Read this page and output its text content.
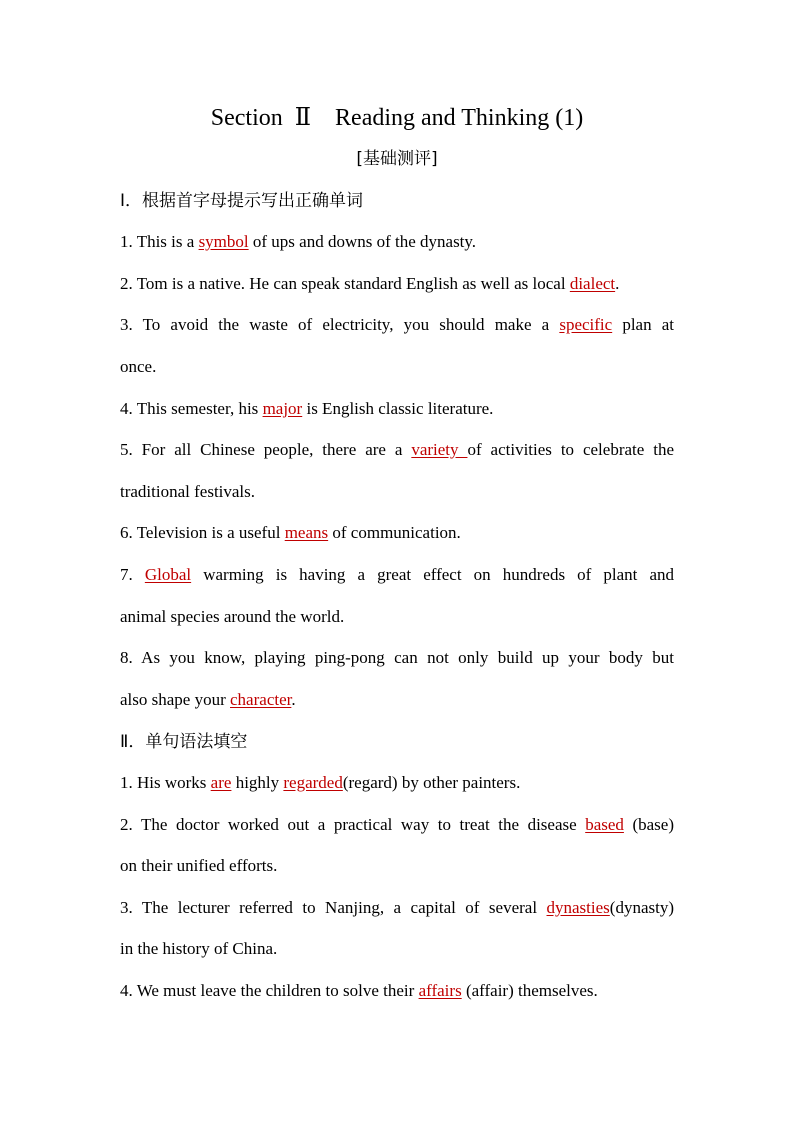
Section  Ⅱ    Reading and Thinking (1)
[基础测评]
Ⅰ．根据首字母提示写出正确单词
1. This is a symbol of ups and downs of the dynasty.
2. Tom is a native. He can speak standard English as well as local dialect.
3. To avoid the waste of electricity, you should make a specific plan at
once.
4. This semester, his major is English classic literature.
5. For all Chinese people, there are a variety of activities to celebrate the
traditional festivals.
6. Television is a useful means of communication.
7. Global warming is having a great effect on hundreds of plant and
animal species around the world.
8. As you know, playing ping-pong can not only build up your body but
also shape your character.
Ⅱ．单句语法填空
1. His works are highly regarded(regard) by other painters.
2. The doctor worked out a practical way to treat the disease based (base)
on their unified efforts.
3. The lecturer referred to Nanjing, a capital of several dynasties(dynasty)
in the history of China.
4. We must leave the children to solve their affairs (affair) themselves.
